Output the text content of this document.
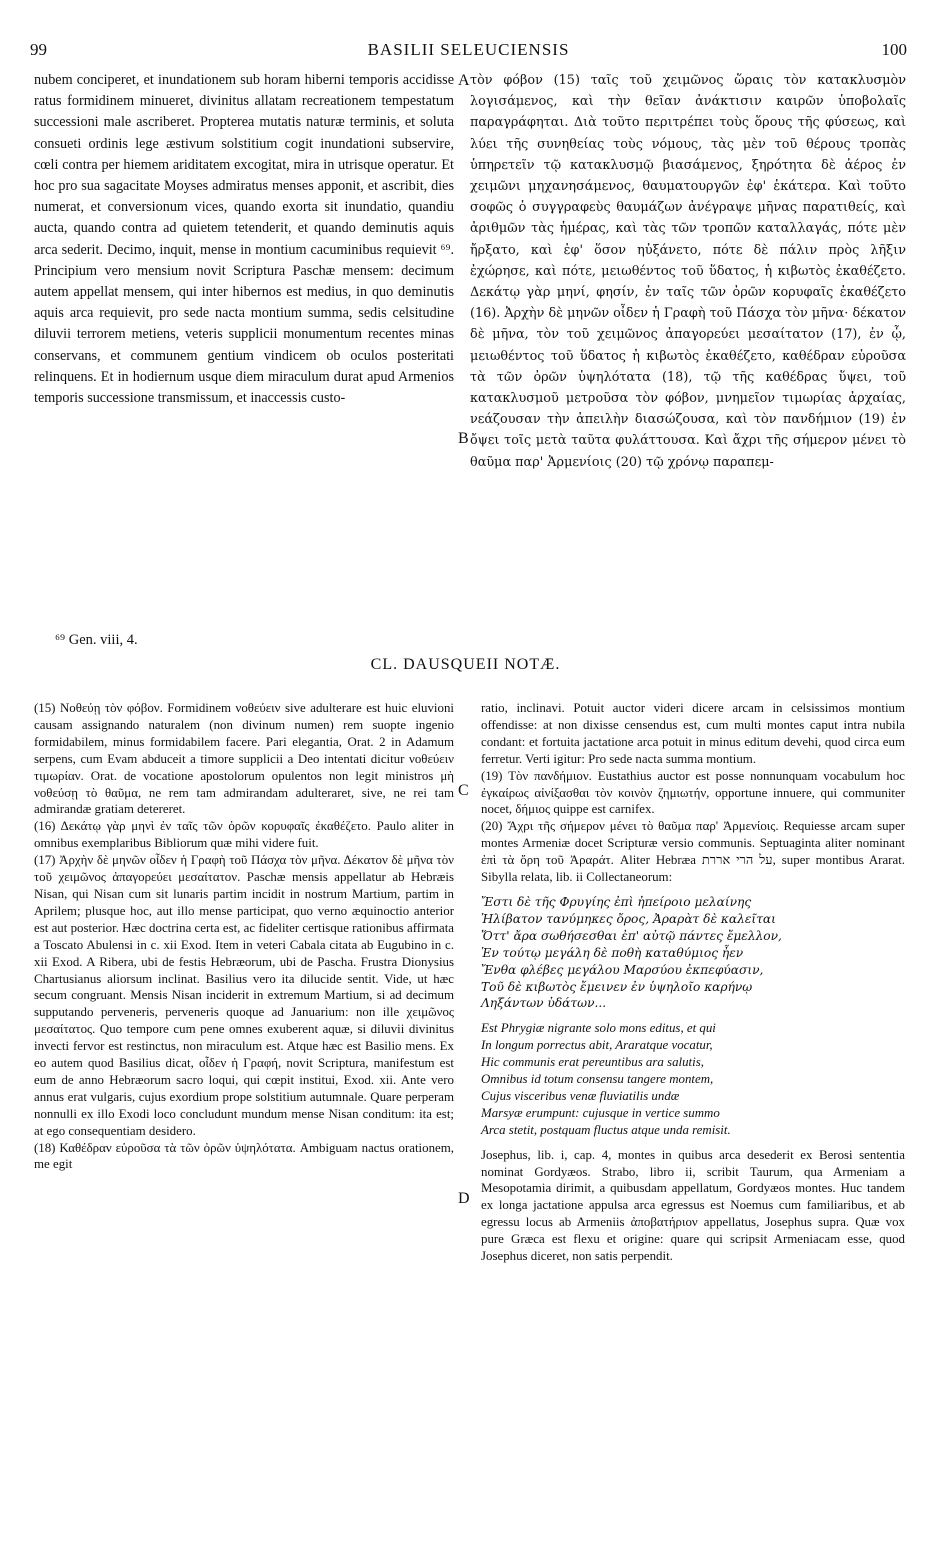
99	BASILII SELEUCIENSIS	100

nubem conciperet, et inundationem sub horam hiberni temporis accidisse ratus formidinem minueret, divinitus allatam recreationem tempestatum successioni male ascriberet. Propterea mutatis naturæ terminis, et soluta consueti ordinis lege æstivum solstitium cogit inundationi subservire, cœli contra per hiemem ariditatem excogitat, mira in utrisque operatur. Et hoc pro sua sagacitate Moyses admiratus menses apponit, et ascribit, dies numerat, et conversionum vices, quando exorta sit inundatio, quandiu aucta, quando contra ad quietem tetenderit, et quando deminutis aquis arca sederit. Decimo, inquit, mense in montium cacuminibus requievit ⁶⁹. Principium vero mensium novit Scriptura Paschæ mensem: decimum autem appellat mensem, qui inter hibernos est medius, in quo deminutis aquis arca requievit, pro sede nacta montium summa, sedis celsitudine diluvii terrorem metiens, veteris supplicii monumentum recentes minas conservans, et communem gentium vindicem ob oculos posteritati relinquens. Et in hodiernum usque diem miraculum durat apud Armenios temporis successione transmissum, et inaccessis custo-

A
B
C
D

τὸν φόβον (15) ταῖς τοῦ χειμῶνος ὥραις τὸν κατακλυσμὸν λογισάμενος, καὶ τὴν θεῖαν ἀνάκτισιν καιρῶν ὑποβολαῖς παραγράφηται. Διὰ τοῦτο περιτρέπει τοὺς ὅρους τῆς φύσεως, καὶ λύει τῆς συνηθείας τοὺς νόμους, τὰς μὲν τοῦ θέρους τροπὰς ὑπηρετεῖν τῷ κατακλυσμῷ βιασάμενος, ξηρότητα δὲ ἀέρος ἐν χειμῶνι μηχανησάμενος, θαυματουργῶν ἐφ' ἑκάτερα. Καὶ τοῦτο σοφῶς ὁ συγγραφεὺς θαυμάζων ἀνέγραψε μῆνας παρατιθείς, καὶ ἀριθμῶν τὰς ἡμέρας, καὶ τὰς τῶν τροπῶν καταλλαγάς, πότε μὲν ἤρξατο, καὶ ἐφ' ὅσον ηὐξάνετο, πότε δὲ πάλιν πρὸς λῆξιν ἐχώρησε, καὶ πότε, μειωθέντος τοῦ ὕδατος, ἡ κιβωτὸς ἐκαθέζετο. Δεκάτῳ γὰρ μηνί, φησίν, ἐν ταῖς τῶν ὀρῶν κορυφαῖς ἐκαθέζετο (16). Ἀρχὴν δὲ μηνῶν οἶδεν ἡ Γραφὴ τοῦ Πάσχα τὸν μῆνα· δέκατον δὲ μῆνα, τὸν τοῦ χειμῶνος ἀπαγορεύει μεσαίτατον (17), ἐν ᾧ, μειωθέντος τοῦ ὕδατος ἡ κιβωτὸς ἐκαθέζετο, καθέδραν εὑροῦσα τὰ τῶν ὀρῶν ὑψηλότατα (18), τῷ τῆς καθέδρας ὕψει, τοῦ κατακλυσμοῦ μετροῦσα τὸν φόβον, μνημεῖον τιμωρίας ἀρχαίας, νεάζουσαν τὴν ἀπειλὴν διασώζουσα, καὶ τὸν πανδήμιον (19) ἐν ὄψει τοῖς μετὰ ταῦτα φυλάττουσα. Καὶ ἄχρι τῆς σήμερον μένει τὸ θαῦμα παρ' Ἀρμενίοις (20) τῷ χρόνῳ παραπεμ-

⁶⁹ Gen. viii, 4.
CL. DAUSQUEII NOTÆ.

(15) Νοθεύῃ τὸν φόβον. Formidinem νοθεύειν sive adulterare est huic eluvioni causam assignando naturalem (non divinum numen) rem suopte ingenio formidabilem, minus formidabilem facere. Pari elegantia, Orat. 2 in Adamum serpens, cum Evam abduceit a timore supplicii a Deo intentati dicitur νοθεύειν τιμωρίαν. Orat. de vocatione apostolorum opulentos non legit ministros μὴ νοθεύσῃ τὸ θαῦμα, ne rem tam admirandam adulteraret, sive, ne rei tam admirandæ gratiam detereret.

(16) Δεκάτῳ γὰρ μηνὶ ἐν ταῖς τῶν ὀρῶν κορυφαῖς ἐκαθέζετο. Paulo aliter in omnibus exemplaribus Bibliorum quæ mihi videre fuit.

(17) Ἀρχὴν δὲ μηνῶν οἶδεν ἡ Γραφὴ τοῦ Πάσχα τὸν μῆνα. Δέκατον δὲ μῆνα τὸν τοῦ χειμῶνος ἀπαγορεύει μεσαίτατον. Paschæ mensis appellatur ab Hebræis Nisan, qui Nisan cum sit lunaris partim incidit in nostrum Martium, partim in Aprilem; plusque hoc, aut illo mense participat, quo verno æquinoctio anterior est aut posterior. Hæc doctrina certa est, ac fideliter certisque rationibus affirmata a Toscato Abulensi in c. xii Exod. Item in veteri Cabala citata ab Eugubino in c. xii Exod. A Ribera, ubi de festis Hebræorum, ubi de Pascha. Frustra Dionysius Chartusianus aliorsum inclinat. Basilius vero ita dilucide sentit. Vide, ut hæc secum congruant. Mensis Nisan inciderit in extremum Martium, si ad decimum supputando perveneris, perveneris quoque ad Januarium: non ille χειμῶνος μεσαίτατος. Quo tempore cum pene omnes exuberent aquæ, si diluvii divinitus invecti fervor est restinctus, non miraculum est. Atque hæc est Basilio mens. Ex eo autem quod Basilius dicat, οἶδεν ἡ Γραφή, novit Scriptura, manifestum est eum de anno Hebræorum sacro loqui, qui cœpit institui, Exod. xii. Ante vero annus erat vulgaris, cujus exordium prope solstitium autumnale. Quare perperam nonnulli ex illo Exodi loco concludunt mundum mense Nisan conditum: ita est; at ego consequentiam desidero.

(18) Καθέδραν εὑροῦσα τὰ τῶν ὀρῶν ὑψηλότατα. Ambiguam nactus orationem, me egit

ratio, inclinavi. Potuit auctor videri dicere arcam in celsissimos montium offendisse: at non dixisse censendus est, cum multi montes caput intra nubila condant: et fortuita jactatione arca potuit in minus editum devehi, quod circa eum ferretur. Verti igitur: Pro sede nacta summa montium.

(19) Τὸν πανδήμιον. Eustathius auctor est posse nonnunquam vocabulum hoc ἐγκαίρως αἰνίξασθαι τὸν κοινὸν ζημιωτήν, opportune innuere, qui communiter nocet, δήμιος quippe est carnifex.

(20) Ἄχρι τῆς σήμερον μένει τὸ θαῦμα παρ' Ἀρμενίοις. Requiesse arcam super montes Armeniæ docet Scripturæ versio communis. Septuaginta aliter nominant ἐπὶ τὰ ὄρη τοῦ Ἀραράτ. Aliter Hebræa על הרי אררת, super montibus Ararat. Sibylla relata, lib. ii Collectaneorum:

Ἔστι δὲ τῆς Φρυγίης ἐπὶ ἠπείροιο μελαίνης

Ἠλίβατον τανύμηκες ὄρος, Ἀραρὰτ δὲ καλεῖται

Ὅττ' ἄρα σωθήσεσθαι ἐπ' αὐτῷ πάντες ἔμελλον,

Ἐν τούτῳ μεγάλη δὲ ποθὴ καταθύμιος ἦεν

Ἔνθα φλέβες μεγάλου Μαρσύου ἐκπεφύασιν,

Τοῦ δὲ κιβωτὸς ἔμεινεν ἐν ὑψηλοῖο καρήνῳ

Ληξάντων ὑδάτων...

Est Phrygiæ nigrante solo mons editus, et qui

In longum porrectus abit, Araratque vocatur,

Hic communis erat pereuntibus ara salutis,

Omnibus id totum consensu tangere montem,

Cujus visceribus venæ fluviatilis undæ

Marsyæ erumpunt: cujusque in vertice summo

Arca stetit, postquam fluctus atque unda remisit.

Josephus, lib. i, cap. 4, montes in quibus arca desederit ex Berosi sententia nominat Gordyæos. Strabo, libro ii, scribit Taurum, qua Armeniam a Mesopotamia dirimit, a quibusdam appellatum, Gordyæos montes. Huc tandem ex longa jactatione appulsa arca egressus est Noemus cum familiaribus, et ab egressu locus ab Armeniis ἀποβατήριον appellatus, Josephus supra. Quæ vox pure Græca est flexu et origine: quare qui scripsit Armeniacam esse, quod Josephus diceret, non satis perpendit.
